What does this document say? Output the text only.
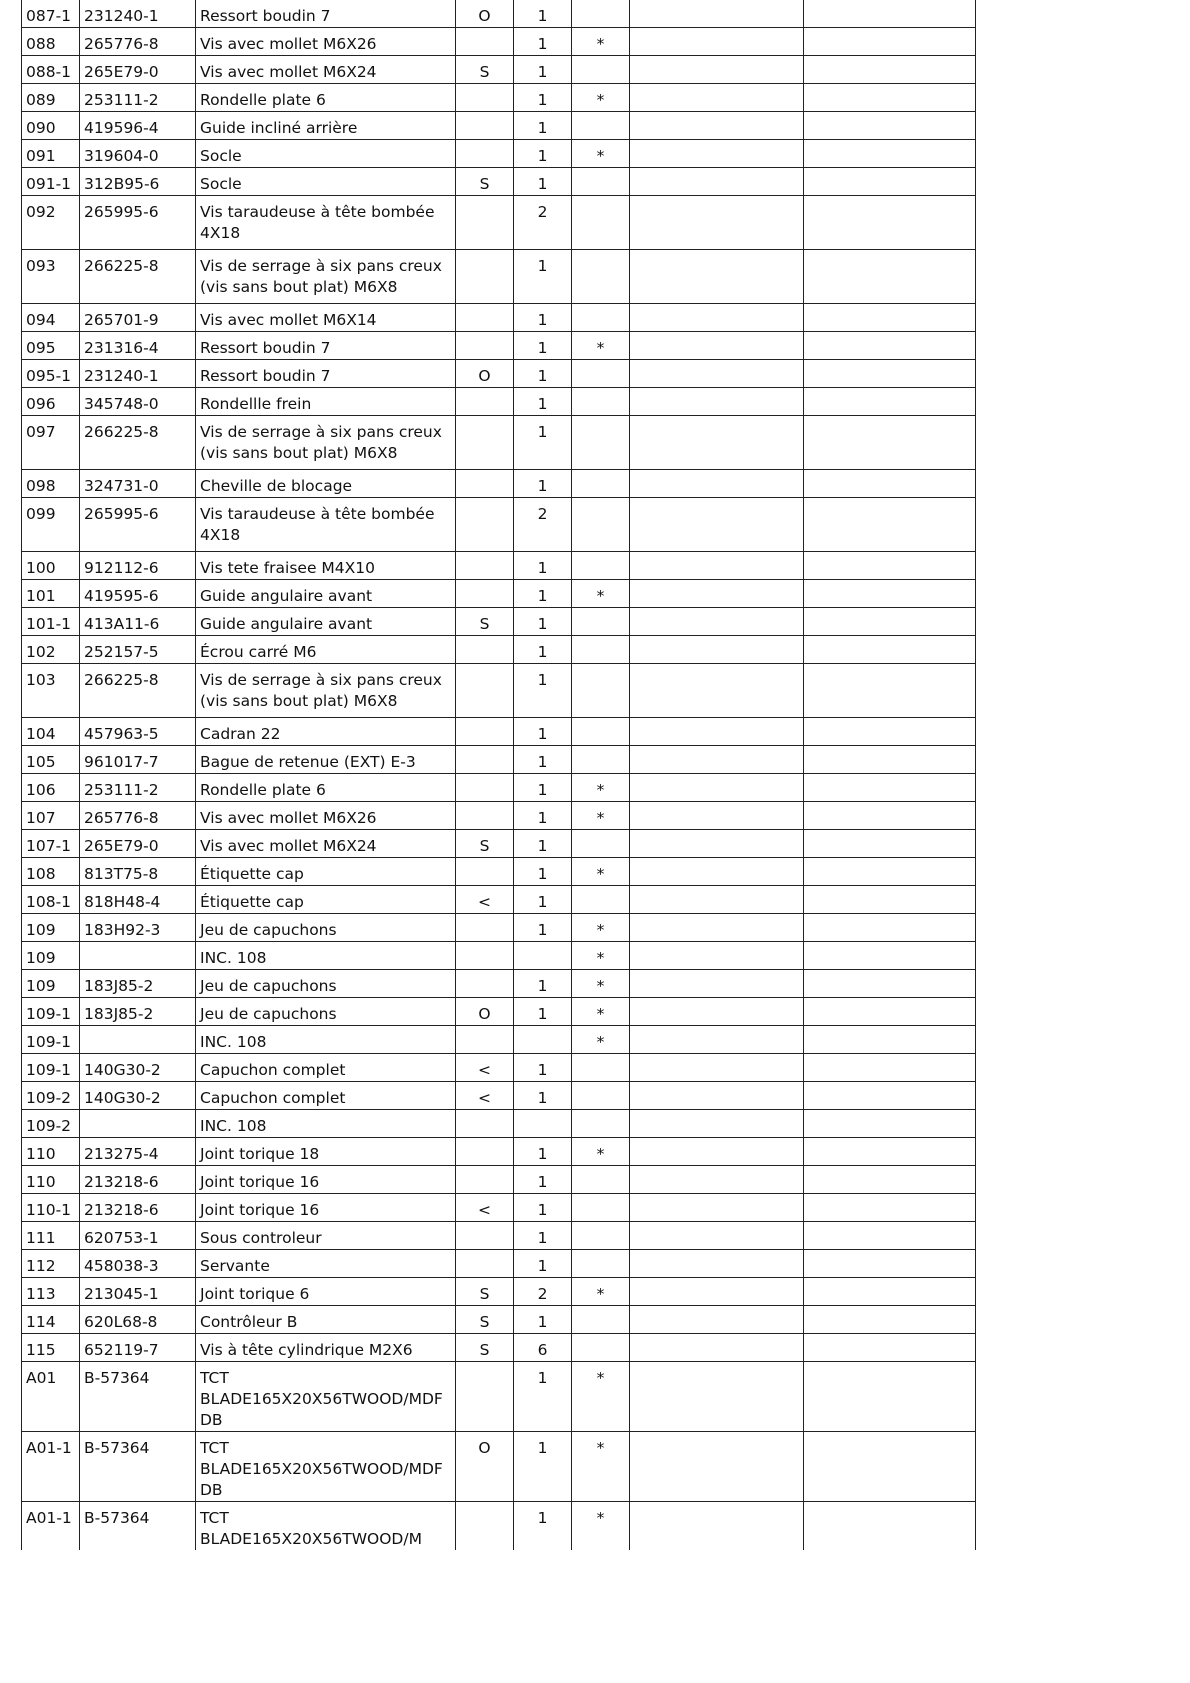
087-1	231240-1	Ressort boudin 7	O	1			
088	265776-8	Vis avec mollet M6X26		1	*		
088-1	265E79-0	Vis avec mollet M6X24	S	1			
089	253111-2	Rondelle plate 6		1	*		
090	419596-4	Guide incliné arrière		1			
091	319604-0	Socle		1	*		
091-1	312B95-6	Socle	S	1			
092	265995-6	Vis taraudeuse à tête bombée 4X18		2			
093	266225-8	Vis de serrage à six pans creux (vis sans bout plat) M6X8		1			
094	265701-9	Vis avec mollet M6X14		1			
095	231316-4	Ressort boudin 7		1	*		
095-1	231240-1	Ressort boudin 7	O	1			
096	345748-0	Rondellle frein		1			
097	266225-8	Vis de serrage à six pans creux (vis sans bout plat) M6X8		1			
098	324731-0	Cheville de blocage		1			
099	265995-6	Vis taraudeuse à tête bombée 4X18		2			
100	912112-6	Vis tete fraisee M4X10		1			
101	419595-6	Guide angulaire avant		1	*		
101-1	413A11-6	Guide angulaire avant	S	1			
102	252157-5	Écrou carré M6		1			
103	266225-8	Vis de serrage à six pans creux (vis sans bout plat) M6X8		1			
104	457963-5	Cadran 22		1			
105	961017-7	Bague de retenue (EXT) E-3		1			
106	253111-2	Rondelle plate 6		1	*		
107	265776-8	Vis avec mollet M6X26		1	*		
107-1	265E79-0	Vis avec mollet M6X24	S	1			
108	813T75-8	Étiquette cap		1	*		
108-1	818H48-4	Étiquette cap	<	1			
109	183H92-3	Jeu de capuchons		1	*		
109		INC. 108			*		
109	183J85-2	Jeu de capuchons		1	*		
109-1	183J85-2	Jeu de capuchons	O	1	*		
109-1		INC. 108			*		
109-1	140G30-2	Capuchon complet	<	1			
109-2	140G30-2	Capuchon complet	<	1			
109-2		INC. 108					
110	213275-4	Joint torique 18		1	*		
110	213218-6	Joint torique 16		1			
110-1	213218-6	Joint torique 16	<	1			
111	620753-1	Sous controleur		1			
112	458038-3	Servante		1			
113	213045-1	Joint torique 6	S	2	*		
114	620L68-8	Contrôleur B	S	1			
115	652119-7	Vis à tête cylindrique M2X6	S	6			
A01	B-57364	TCT BLADE165X20X56TWOOD/MDF DB		1	*		
A01-1	B-57364	TCT BLADE165X20X56TWOOD/MDF DB	O	1	*		
A01-1	B-57364	TCT BLADE165X20X56TWOOD/M		1	*		
